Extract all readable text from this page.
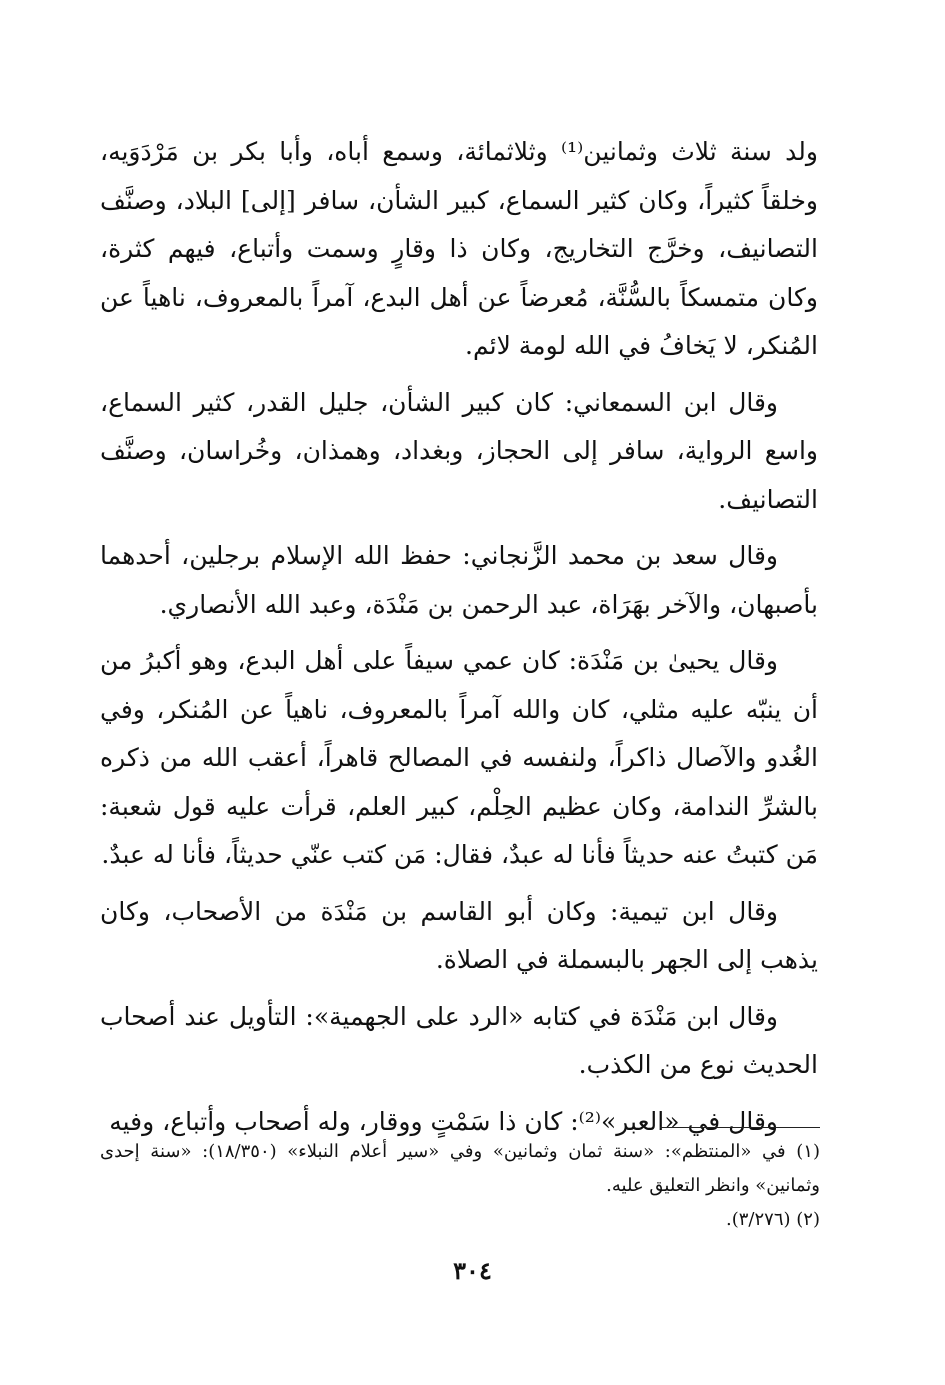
ولد سنة ثلاث وثمانين⁽¹⁾ وثلاثمائة، وسمع أباه، وأبا بكر بن مَرْدَوَيه، وخلقاً كثيراً، وكان كثير السماع، كبير الشأن، سافر [إلى] البلاد، وصنَّف التصانيف، وخرَّج التخاريج، وكان ذا وقارٍ وسمت وأتباع، فيهم كثرة، وكان متمسكاً بالسُّنَّة، مُعرضاً عن أهل البدع، آمراً بالمعروف، ناهياً عن المُنكر، لا يَخافُ في الله لومة لائم.

وقال ابن السمعاني: كان كبير الشأن، جليل القدر، كثير السماع، واسع الرواية، سافر إلى الحجاز، وبغداد، وهمذان، وخُراسان، وصنَّف التصانيف.

وقال سعد بن محمد الزَّنجاني: حفظ الله الإسلام برجلين، أحدهما بأصبهان، والآخر بهَرَاة، عبد الرحمن بن مَنْدَة، وعبد الله الأنصاري.

وقال يحيىٰ بن مَنْدَة: كان عمي سيفاً على أهل البدع، وهو أكبرُ من أن ينبّه عليه مثلي، كان والله آمراً بالمعروف، ناهياً عن المُنكر، وفي الغُدو والآصال ذاكراً، ولنفسه في المصالح قاهراً، أعقب الله من ذكره بالشرِّ الندامة، وكان عظيم الحِلْم، كبير العلم، قرأت عليه قول شعبة: مَن كتبتُ عنه حديثاً فأنا له عبدٌ، فقال: مَن كتب عنّي حديثاً، فأنا له عبدٌ.

وقال ابن تيمية: وكان أبو القاسم بن مَنْدَة من الأصحاب، وكان يذهب إلى الجهر بالبسملة في الصلاة.

وقال ابن مَنْدَة في كتابه «الرد على الجهمية»: التأويل عند أصحاب الحديث نوع من الكذب.

وقال في «العبر»⁽²⁾: كان ذا سَمْتٍ ووقار، وله أصحاب وأتباع، وفيه

(١) في «المنتظم»: «سنة ثمان وثمانين» وفي «سير أعلام النبلاء» (١٨/٣٥٠): «سنة إحدى وثمانين» وانظر التعليق عليه.
(٢) (٣/٢٧٦).
٣٠٤
